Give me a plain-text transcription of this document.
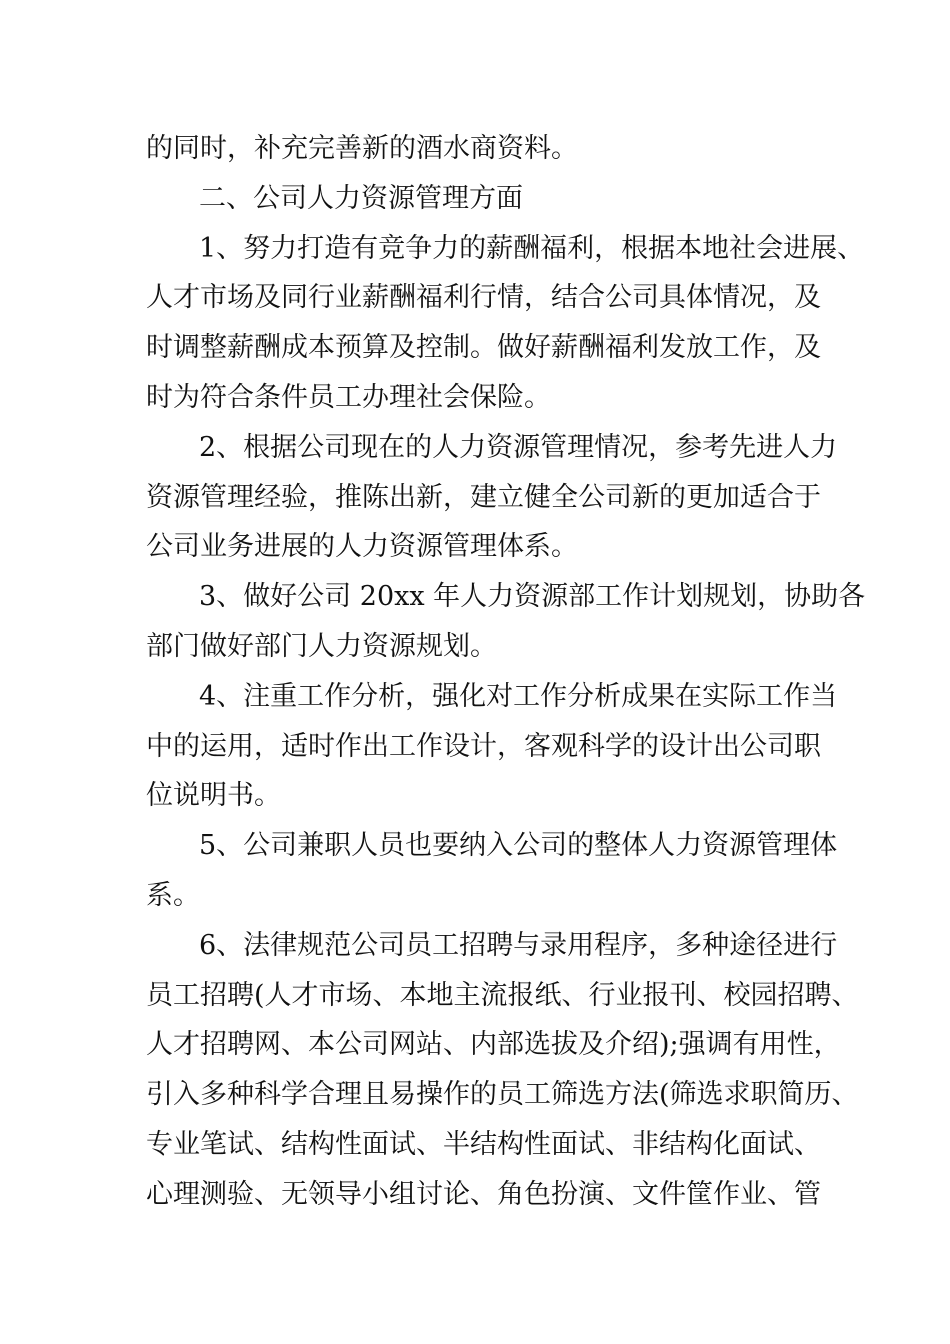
的同时，补充完善新的酒水商资料。
二、公司人力资源管理方面
1、努力打造有竞争力的薪酬福利，根据本地社会进展、
人才市场及同行业薪酬福利行情，结合公司具体情况，及
时调整薪酬成本预算及控制。做好薪酬福利发放工作，及
时为符合条件员工办理社会保险。
2、根据公司现在的人力资源管理情况，参考先进人力
资源管理经验，推陈出新，建立健全公司新的更加适合于
公司业务进展的人力资源管理体系。
3、做好公司 20xx 年人力资源部工作计划规划，协助各
部门做好部门人力资源规划。
4、注重工作分析，强化对工作分析成果在实际工作当
中的运用，适时作出工作设计，客观科学的设计出公司职
位说明书。
5、公司兼职人员也要纳入公司的整体人力资源管理体
系。
6、法律规范公司员工招聘与录用程序，多种途径进行
员工招聘(人才市场、本地主流报纸、行业报刊、校园招聘、
人才招聘网、本公司网站、内部选拔及介绍);强调有用性，
引入多种科学合理且易操作的员工筛选方法(筛选求职简历、
专业笔试、结构性面试、半结构性面试、非结构化面试、
心理测验、无领导小组讨论、角色扮演、文件筐作业、管
